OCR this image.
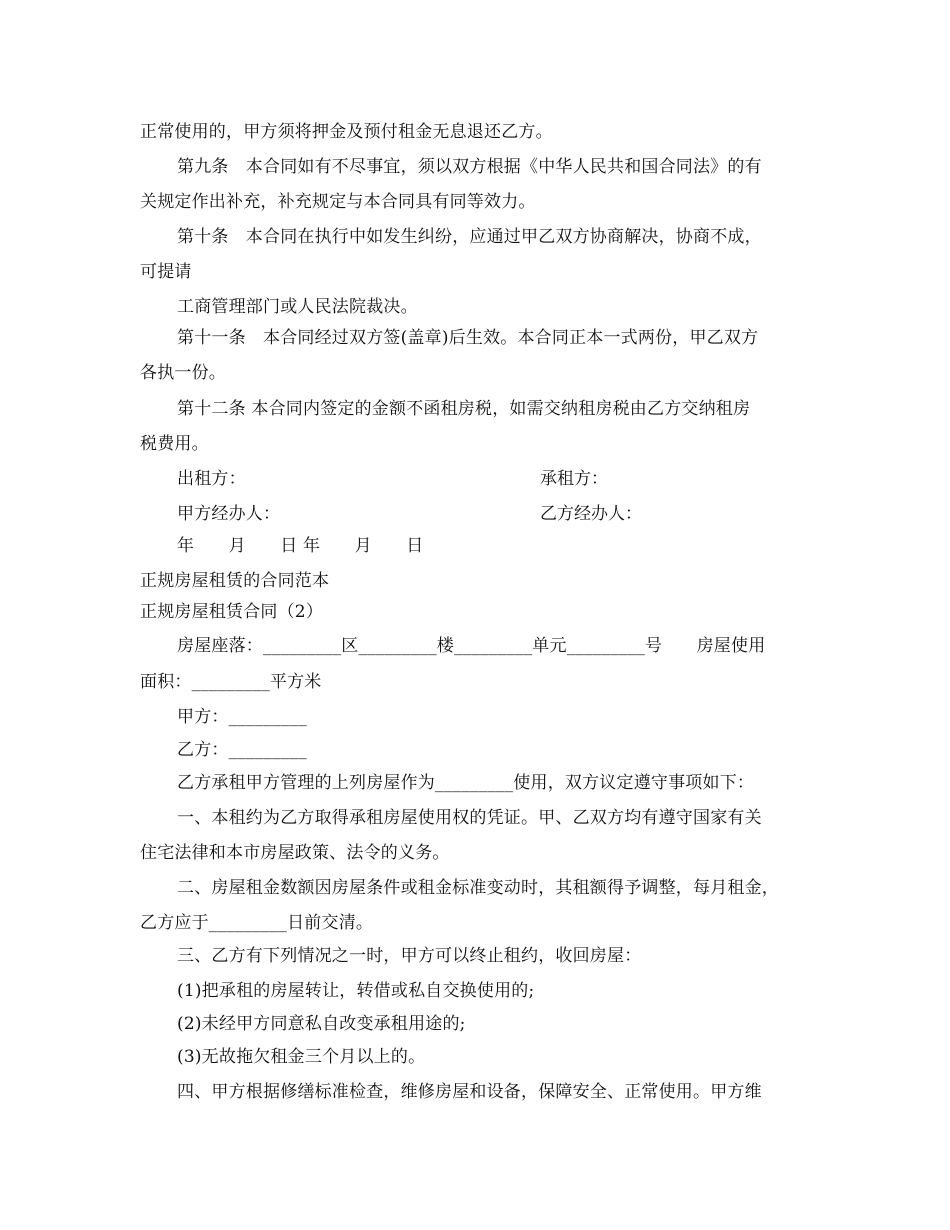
正常使用的，甲方须将押金及预付租金无息退还乙方。
第九条　本合同如有不尽事宜，须以双方根据《中华人民共和国合同法》的有
关规定作出补充，补充规定与本合同具有同等效力。
第十条　本合同在执行中如发生纠纷，应通过甲乙双方协商解决，协商不成，
可提请
工商管理部门或人民法院裁决。
第十一条　本合同经过双方签(盖章)后生效。本合同正本一式两份，甲乙双方
各执一份。
第十二条 本合同内签定的金额不函租房税，如需交纳租房税由乙方交纳租房
税费用。
出租方：	承租方：
甲方经办人：	乙方经办人：
年　　月　　日 年　　月　　日
正规房屋租赁的合同范本
正规房屋租赁合同（2）
房屋座落：_________区_________楼_________单元_________号　　房屋使用
面积：_________平方米
甲方：_________
乙方：_________
乙方承租甲方管理的上列房屋作为_________使用，双方议定遵守事项如下：
一、本租约为乙方取得承租房屋使用权的凭证。甲、乙双方均有遵守国家有关
住宅法律和本市房屋政策、法令的义务。
二、房屋租金数额因房屋条件或租金标准变动时，其租额得予调整，每月租金，
乙方应于_________日前交清。
三、乙方有下列情况之一时，甲方可以终止租约，收回房屋：
(1)把承租的房屋转让，转借或私自交换使用的;
(2)未经甲方同意私自改变承租用途的;
(3)无故拖欠租金三个月以上的。
四、甲方根据修缮标准检查，维修房屋和设备，保障安全、正常使用。甲方维
